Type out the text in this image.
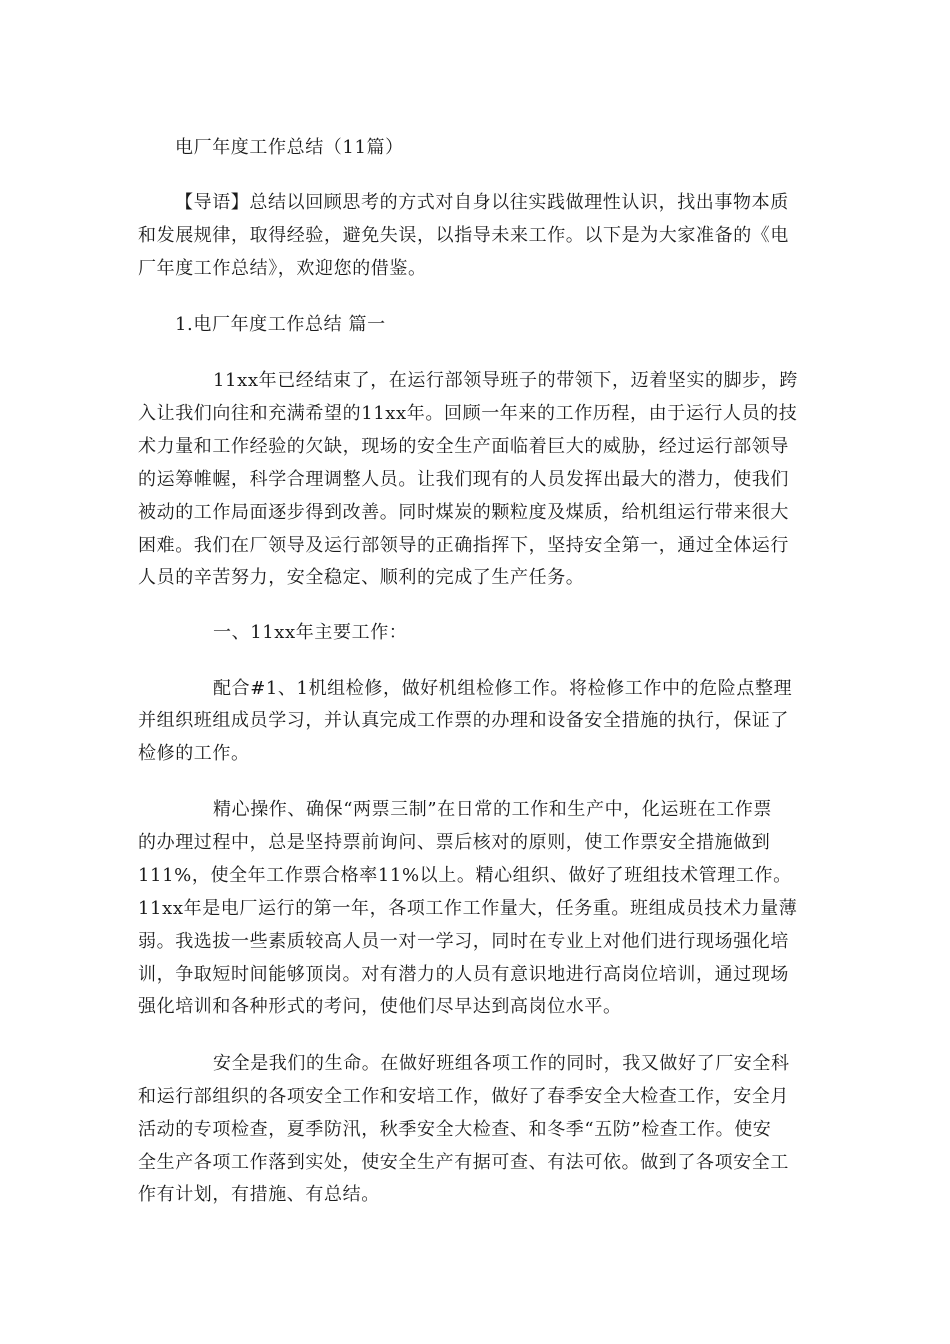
电厂年度工作总结（11篇）
【导语】总结以回顾思考的方式对自身以往实践做理性认识，找出事物本质
和发展规律，取得经验，避免失误，以指导未来工作。以下是为大家准备的《电
厂年度工作总结》，欢迎您的借鉴。
1.电厂年度工作总结 篇一
11xx年已经结束了，在运行部领导班子的带领下，迈着坚实的脚步，跨
入让我们向往和充满希望的11xx年。回顾一年来的工作历程，由于运行人员的技
术力量和工作经验的欠缺，现场的安全生产面临着巨大的威胁，经过运行部领导
的运筹帷幄，科学合理调整人员。让我们现有的人员发挥出最大的潜力，使我们
被动的工作局面逐步得到改善。同时煤炭的颗粒度及煤质，给机组运行带来很大
困难。我们在厂领导及运行部领导的正确指挥下，坚持安全第一，通过全体运行
人员的辛苦努力，安全稳定、顺利的完成了生产任务。
一、11xx年主要工作：
配合#1、1机组检修，做好机组检修工作。将检修工作中的危险点整理
并组织班组成员学习，并认真完成工作票的办理和设备安全措施的执行，保证了
检修的工作。
精心操作、确保“两票三制”在日常的工作和生产中，化运班在工作票
的办理过程中，总是坚持票前询问、票后核对的原则，使工作票安全措施做到
111%，使全年工作票合格率11%以上。精心组织、做好了班组技术管理工作。
11xx年是电厂运行的第一年，各项工作工作量大，任务重。班组成员技术力量薄
弱。我选拔一些素质较高人员一对一学习，同时在专业上对他们进行现场强化培
训，争取短时间能够顶岗。对有潜力的人员有意识地进行高岗位培训，通过现场
强化培训和各种形式的考问，使他们尽早达到高岗位水平。
安全是我们的生命。在做好班组各项工作的同时，我又做好了厂安全科
和运行部组织的各项安全工作和安培工作，做好了春季安全大检查工作，安全月
活动的专项检查，夏季防汛，秋季安全大检查、和冬季“五防”检查工作。使安
全生产各项工作落到实处，使安全生产有据可查、有法可依。做到了各项安全工
作有计划，有措施、有总结。
